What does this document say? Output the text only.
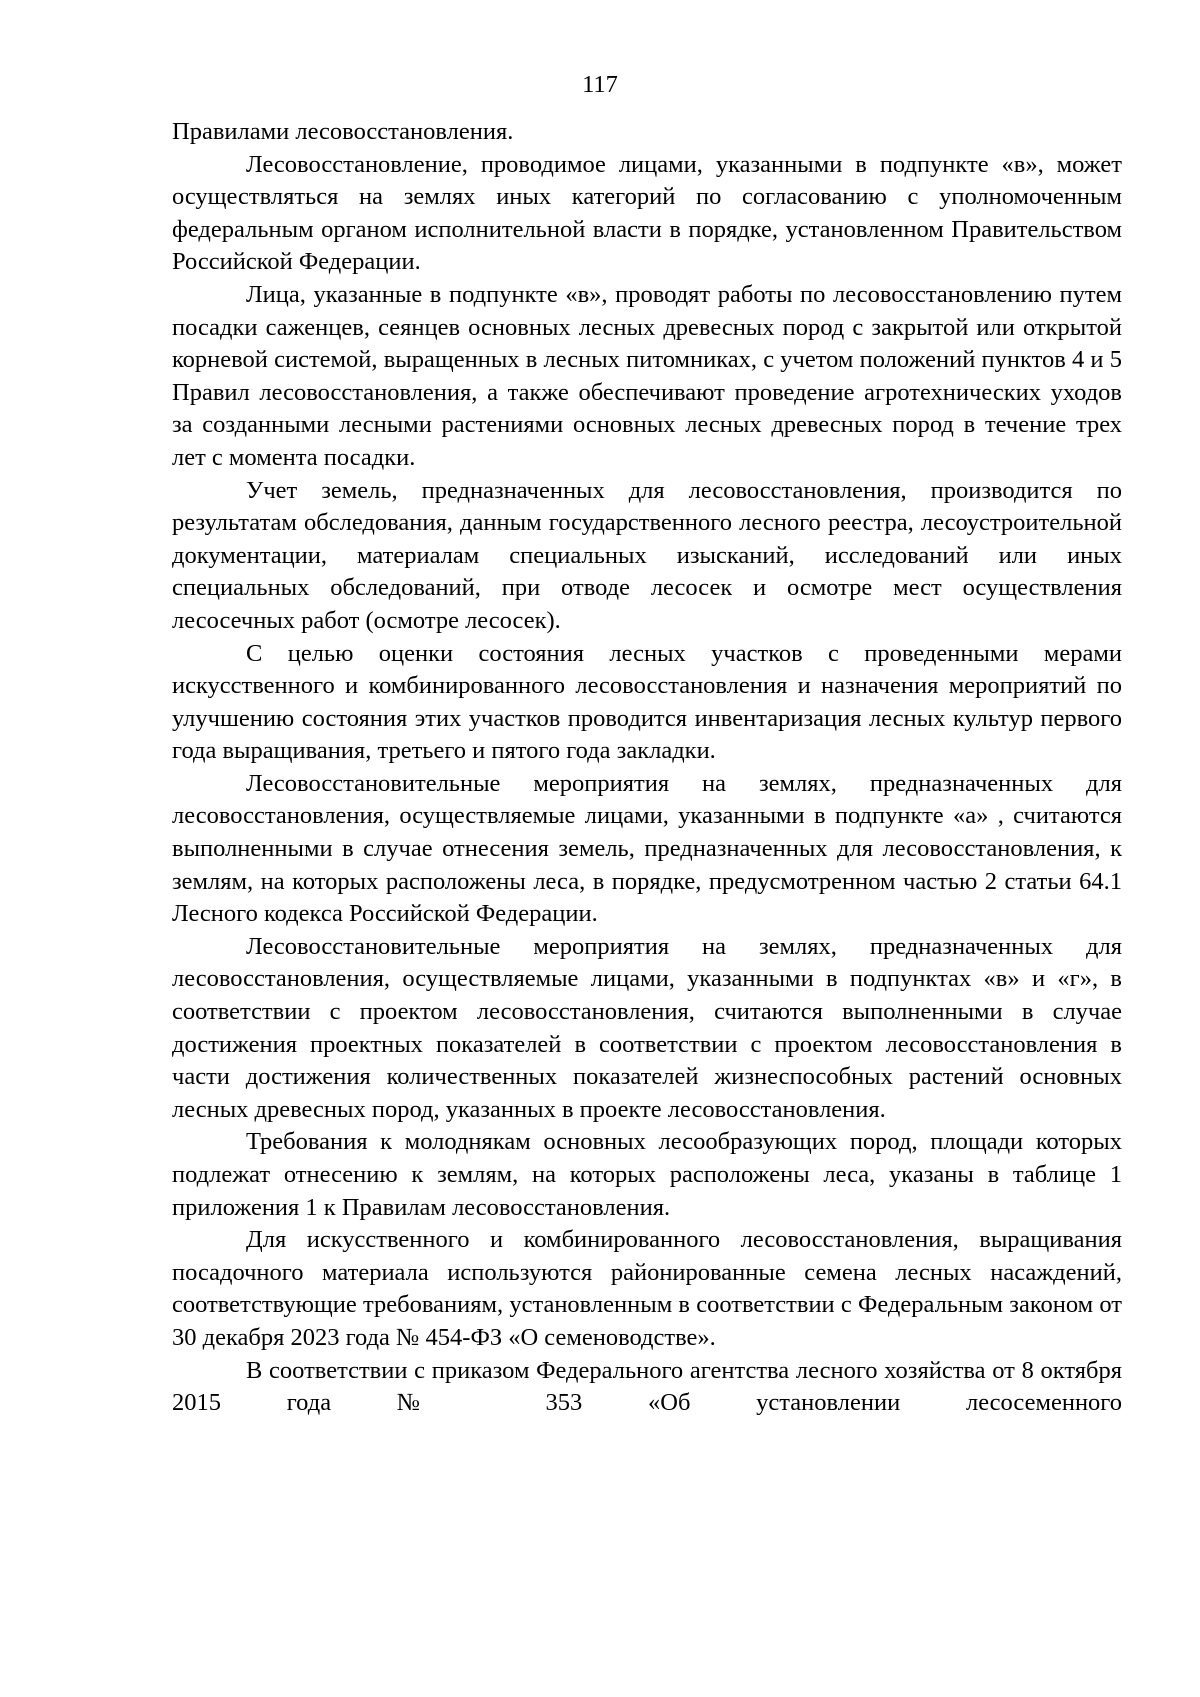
117

Правилами лесовосстановления.

Лесовосстановление, проводимое лицами, указанными в подпункте «в», может осуществляться на землях иных категорий по согласованию с уполномоченным федеральным органом исполнительной власти в порядке, установленном Правительством Российской Федерации.

Лица, указанные в подпункте «в», проводят работы по лесовосстановлению путем посадки саженцев, сеянцев основных лесных древесных пород с закрытой или открытой корневой системой, выращенных в лесных питомниках, с учетом положений пунктов 4 и 5 Правил лесовосстановления, а также обеспечивают проведение агротехнических уходов за созданными лесными растениями основных лесных древесных пород в течение трех лет с момента посадки.

Учет земель, предназначенных для лесовосстановления, производится по результатам обследования, данным государственного лесного реестра, лесоустроительной документации, материалам специальных изысканий, исследований или иных специальных обследований, при отводе лесосек и осмотре мест осуществления лесосечных работ (осмотре лесосек).

С целью оценки состояния лесных участков с проведенными мерами искусственного и комбинированного лесовосстановления и назначения мероприятий по улучшению состояния этих участков проводится инвентаризация лесных культур первого года выращивания, третьего и пятого года закладки.

Лесовосстановительные мероприятия на землях, предназначенных для лесовосстановления, осуществляемые лицами, указанными в подпункте «а» , считаются выполненными в случае отнесения земель, предназначенных для лесовосстановления, к землям, на которых расположены леса, в порядке, предусмотренном частью 2 статьи 64.1 Лесного кодекса Российской Федерации.

Лесовосстановительные мероприятия на землях, предназначенных для лесовосстановления, осуществляемые лицами, указанными в подпунктах «в» и «г», в соответствии с проектом лесовосстановления, считаются выполненными в случае достижения проектных показателей в соответствии с проектом лесовосстановления в части достижения количественных показателей жизнеспособных растений основных лесных древесных пород, указанных в проекте лесовосстановления.

Требования к молоднякам основных лесообразующих пород, площади которых подлежат отнесению к землям, на которых расположены леса, указаны в таблице 1 приложения 1 к Правилам лесовосстановления.

Для искусственного и комбинированного лесовосстановления, выращивания посадочного материала используются районированные семена лесных насаждений, соответствующие требованиям, установленным в соответствии с Федеральным законом от 30 декабря 2023 года № 454-ФЗ «О семеноводстве».

В соответствии с приказом Федерального агентства лесного хозяйства от 8 октября 2015 года № 353 «Об установлении лесосеменного
